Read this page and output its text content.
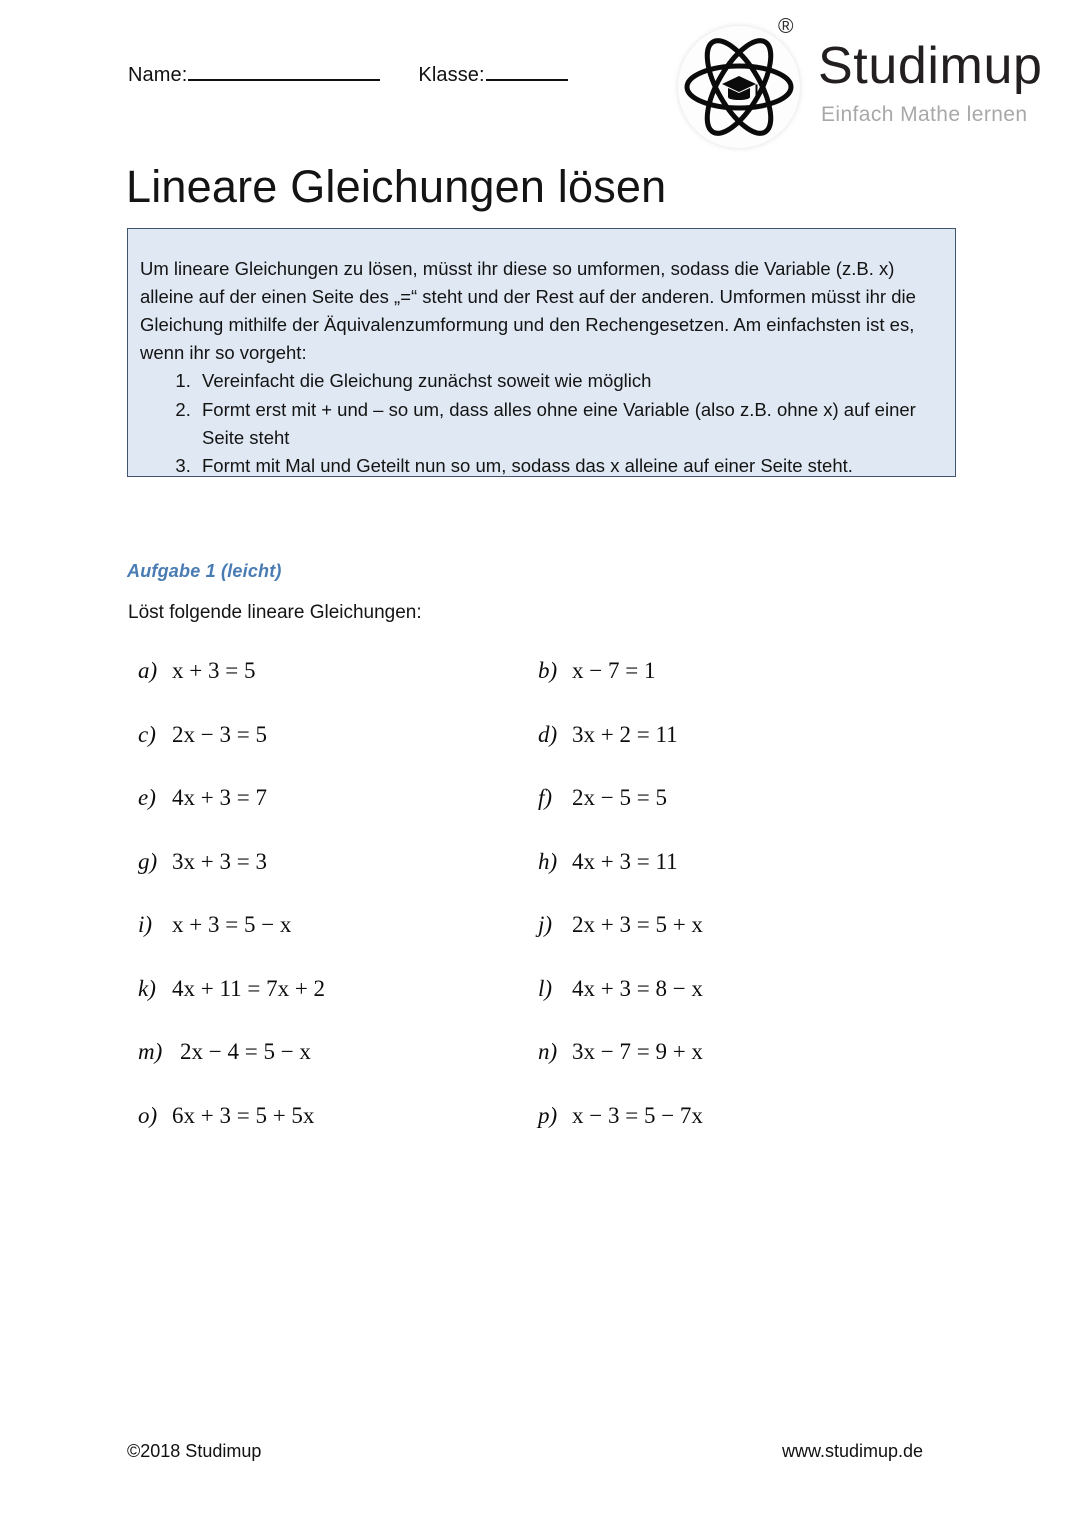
Name:	Klasse:
®
Studimup
Einfach Mathe lernen
Lineare Gleichungen lösen

Um lineare Gleichungen zu lösen, müsst ihr diese so umformen, sodass die Variable (z.B. x) alleine auf der einen Seite des „=“ steht und der Rest auf der anderen. Umformen müsst ihr die Gleichung mithilfe der Äquivalenzumformung und den Rechengesetzen. Am einfachsten ist es, wenn ihr so vorgeht:

1. Vereinfacht die Gleichung zunächst soweit wie möglich
2. Formt erst mit + und – so um, dass alles ohne eine Variable (also z.B. ohne x) auf einer Seite steht
3. Formt mit Mal und Geteilt nun so um, sodass das x alleine auf einer Seite steht.
Aufgabe 1 (leicht)
Löst folgende lineare Gleichungen:
a) x + 3 = 5	b) x − 7 = 1
c) 2x − 3 = 5	d) 3x + 2 = 11
e) 4x + 3 = 7	f) 2x − 5 = 5
g) 3x + 3 = 3	h) 4x + 3 = 11
i) x + 3 = 5 − x	j) 2x + 3 = 5 + x
k) 4x + 11 = 7x + 2	l) 4x + 3 = 8 − x
m) 2x − 4 = 5 − x	n) 3x − 7 = 9 + x
o) 6x + 3 = 5 + 5x	p) x − 3 = 5 − 7x
©2018 Studimup	www.studimup.de
